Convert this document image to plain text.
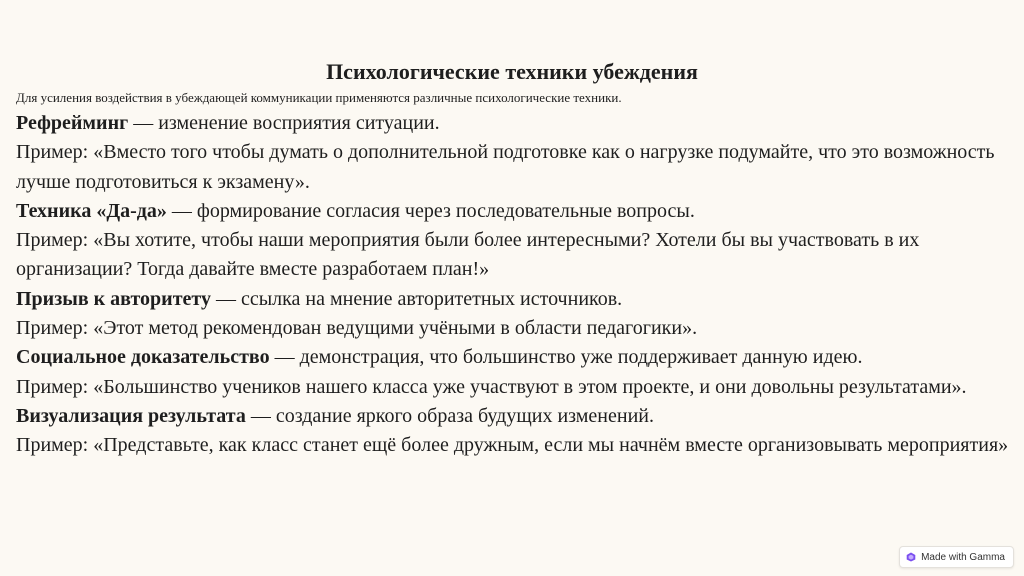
Психологические техники убеждения
Для усиления воздействия в убеждающей коммуникации применяются различные психологические техники.

Рефрейминг — изменение восприятия ситуации.

Пример: «Вместо того чтобы думать о дополнительной подготовке как о нагрузке подумайте, что это возможность лучше подготовиться к экзамену».

Техника «Да-да» — формирование согласия через последовательные вопросы.

Пример: «Вы хотите, чтобы наши мероприятия были более интересными? Хотели бы вы участвовать в их организации? Тогда давайте вместе разработаем план!»

Призыв к авторитету — ссылка на мнение авторитетных источников.

Пример: «Этот метод рекомендован ведущими учёными в области педагогики».

Социальное доказательство — демонстрация, что большинство уже поддерживает данную идею.

Пример: «Большинство учеников нашего класса уже участвуют в этом проекте, и они довольны результатами».

Визуализация результата — создание яркого образа будущих изменений.

Пример: «Представьте, как класс станет ещё более дружным, если мы начнём вместе организовывать мероприятия»

Made with Gamma
